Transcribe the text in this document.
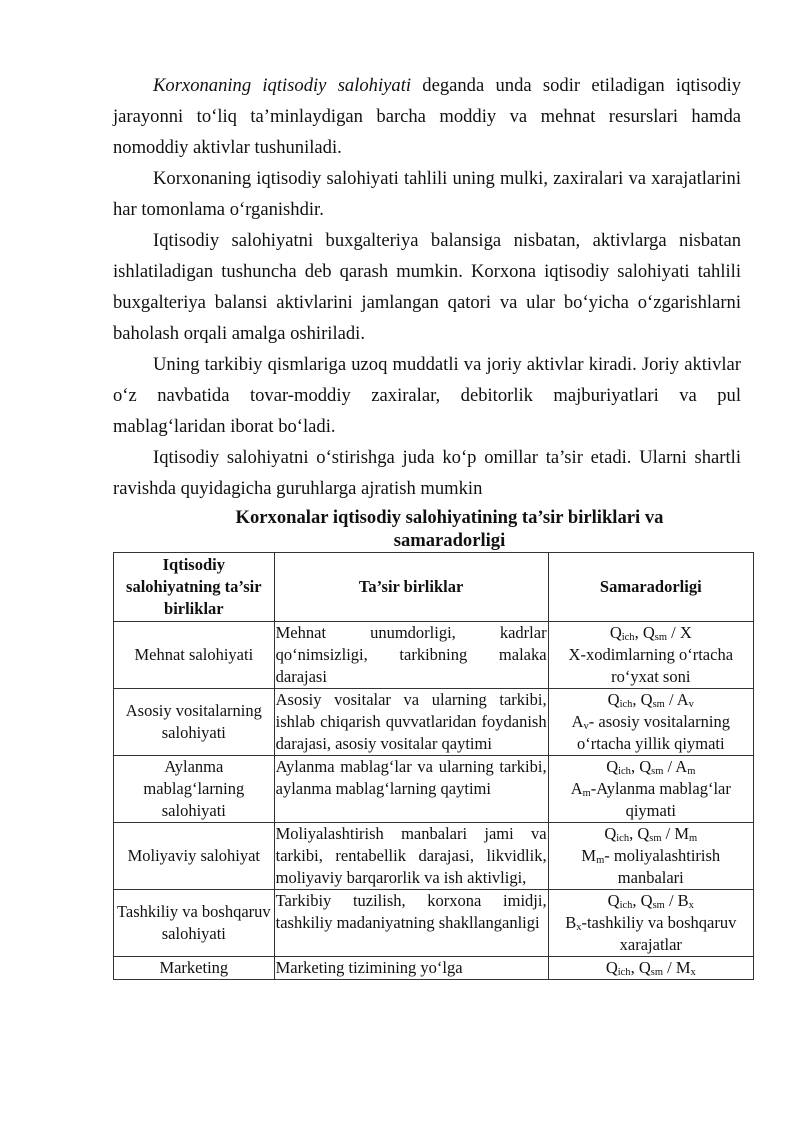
Korxonaning iqtisodiy salohiyati deganda unda sodir etiladigan iqtisodiy jarayonni to‘liq ta’minlaydigan barcha moddiy va mehnat resurslari hamda nomoddiy aktivlar tushuniladi.

Korxonaning iqtisodiy salohiyati tahlili uning mulki, zaxiralari va xarajatlarini har tomonlama o‘rganishdir.

Iqtisodiy salohiyatni buxgalteriya balansiga nisbatan, aktivlarga nisbatan ishlatiladigan tushuncha deb qarash mumkin. Korxona iqtisodiy salohiyati tahlili buxgalteriya balansi aktivlarini jamlangan qatori va ular bo‘yicha o‘zgarishlarni baholash orqali amalga oshiriladi.

Uning tarkibiy qismlariga uzoq muddatli va joriy aktivlar kiradi. Joriy aktivlar o‘z navbatida tovar-moddiy zaxiralar, debitorlik majburiyatlari va pul mablag‘laridan iborat bo‘ladi.

Iqtisodiy salohiyatni o‘stirishga juda ko‘p omillar ta’sir etadi. Ularni shartli ravishda quyidagicha guruhlarga ajratish mumkin

Korxonalar iqtisodiy salohiyatining ta’sir birliklari va
samaradorligi
Iqtisodiy salohiyatning ta’sir birliklar	Ta’sir birliklar	Samaradorligi
Mehnat salohiyati	Mehnat unumdorligi, kadrlar qo‘nimsizligi, tarkibning malaka darajasi	$Q_{ich}$, $Q_{sm}$ / X
X-xodimlarning o‘rtacha ro‘yxat soni

Asosiy vositalarning salohiyati	Asosiy vositalar va ularning tarkibi, ishlab chiqarish quvvatlaridan foydanish darajasi, asosiy vositalar qaytimi	$Q_{ich}$, $Q_{sm} / A_v$
$A_v-$ asosiy vositalarning o‘rtacha yillik qiymati

Aylanma mablag‘larning salohiyati	Aylanma mablag‘lar va ularning tarkibi, aylanma mablag‘larning qaytimi	$Q_{ich}$, $Q_{sm} / A_m$
$A_m$-Aylanma mablag‘lar qiymati

Moliyaviy salohiyat	Moliyalashtirish manbalari jami va tarkibi, rentabellik darajasi, likvidlik, moliyaviy barqarorlik va ish aktivligi,	$Q_{ich}$, $Q_{sm} / M_m$
$M_m-$ moliyalashtirish manbalari

Tashkiliy va boshqaruv salohiyati	Tarkibiy tuzilish, korxona imidji, tashkiliy madaniyatning shakllanganligi	$Q_{ich}$, $Q_{sm} / B_x$
$B_x$-tashkiliy va boshqaruv xarajatlar

Marketing	Marketing tizimining yo‘lga	$Q_{ich}$, $Q_{sm} / M_x$
